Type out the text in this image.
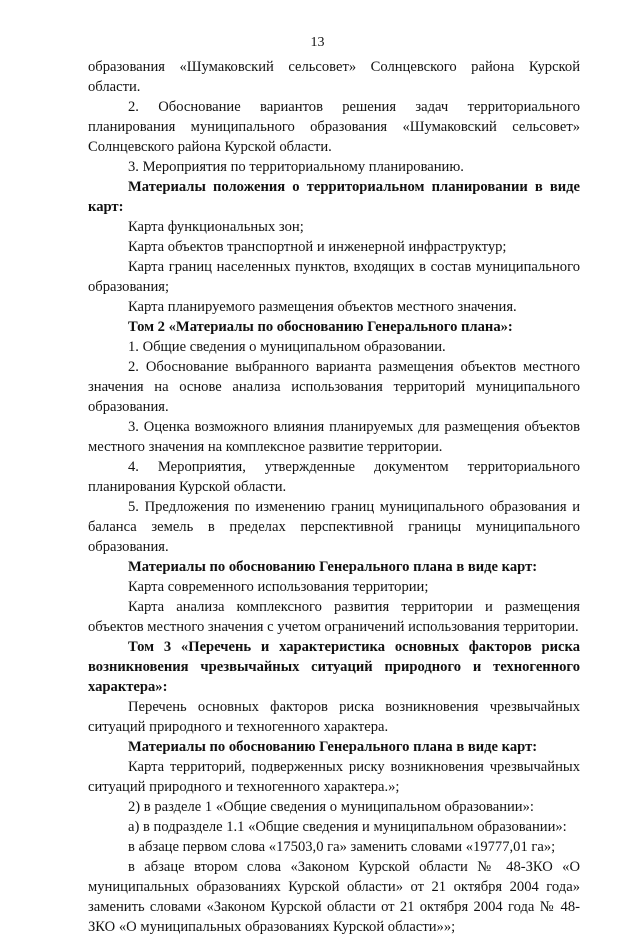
13

образования «Шумаковский сельсовет» Солнцевского района Курской области.

2. Обоснование вариантов решения задач территориального планирования муниципального образования «Шумаковский сельсовет» Солнцевского района Курской области.

3. Мероприятия по территориальному планированию.

Материалы положения о территориальном планировании в виде карт:

Карта функциональных зон;

Карта объектов транспортной и инженерной инфраструктур;

Карта границ населенных пунктов, входящих в состав муниципального образования;

Карта планируемого размещения объектов местного значения.

Том 2 «Материалы по обоснованию Генерального плана»:

1. Общие сведения о муниципальном образовании.

2. Обоснование выбранного варианта размещения объектов местного значения на основе анализа использования территорий муниципального образования.

3. Оценка возможного влияния планируемых для размещения объектов местного значения на комплексное развитие территории.

4. Мероприятия, утвержденные документом территориального планирования Курской области.

5. Предложения по изменению границ муниципального образования и баланса земель в пределах перспективной границы муниципального образования.

Материалы по обоснованию Генерального плана в виде карт:

Карта современного использования территории;

Карта анализа комплексного развития территории и размещения объектов местного значения с учетом ограничений использования территории.

Том 3 «Перечень и характеристика основных факторов риска возникновения чрезвычайных ситуаций природного и техногенного характера»:

Перечень основных факторов риска возникновения чрезвычайных ситуаций природного и техногенного характера.

Материалы по обоснованию Генерального плана в виде карт:

Карта территорий, подверженных риску возникновения чрезвычайных ситуаций природного и техногенного характера.»;

2) в разделе 1 «Общие сведения о муниципальном образовании»:

а) в подразделе 1.1 «Общие сведения и муниципальном образовании»:

в абзаце первом слова «17503,0 га» заменить словами «19777,01 га»;

в абзаце втором слова «Законом Курской области № 48-ЗКО «О муниципальных образованиях Курской области» от 21 октября 2004 года» заменить словами «Законом Курской области от 21 октября 2004 года № 48-ЗКО «О муниципальных образованиях Курской области»»;
